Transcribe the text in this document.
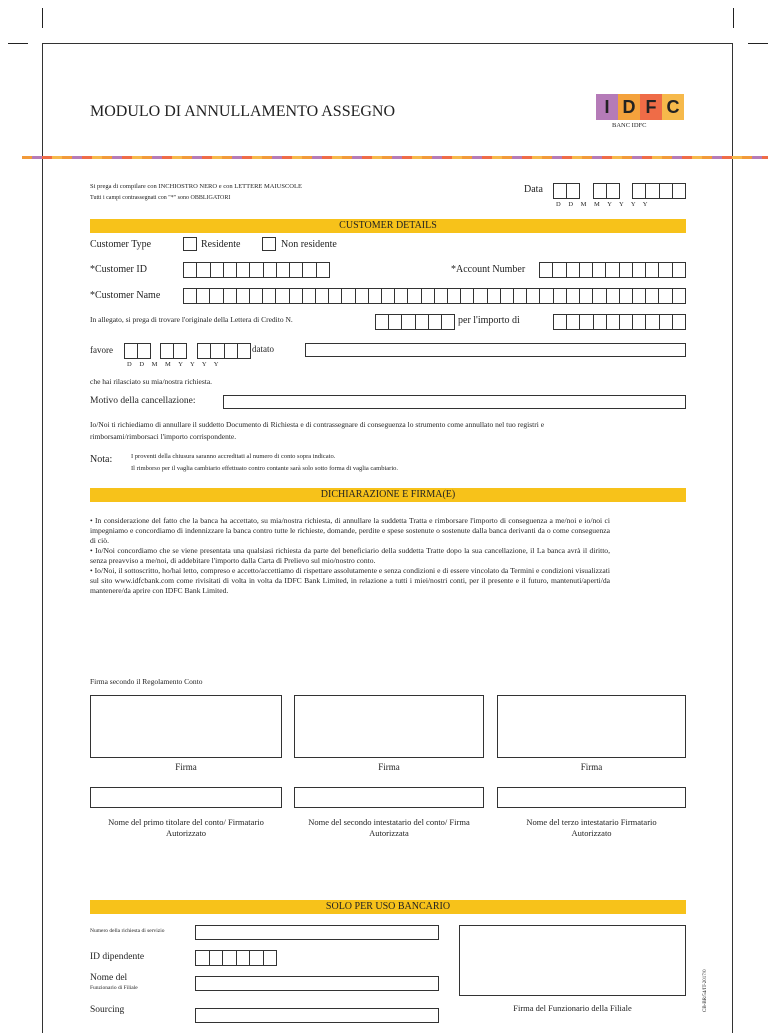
MODULO DI ANNULLAMENTO ASSEGNO	I D F C
BANC IDFC
Si prega di compilare con INCHIOSTRO NERO e con LETTERE MAIUSCOLE
Tutti i campi contrassegnati con "*" sono OBBLIGATORI
Data
D D M M Y Y Y Y
CUSTOMER DETAILS
Customer Type	Residente	Non residente
*Customer ID	*Account Number
*Customer Name
In allegato, si prega di trovare l'originale della Lettera di Credito N.	per l'importo di
favore	datato
D D M M Y Y Y Y
che hai rilasciato su mia/nostra richiesta.
Motivo della cancellazione:
Io/Noi ti richiediamo di annullare il suddetto Documento di Richiesta e di contrassegnare di conseguenza lo strumento come annullato nel tuo registri e rimborsami/rimborsaci l'importo corrispondente.
Nota:	I proventi della chiusura saranno accreditati al numero di conto sopra indicato.
Il rimborso per il vaglia cambiario effettuato contro contante sarà solo sotto forma di vaglia cambiario.
DICHIARAZIONE E FIRMA(E)

• In considerazione del fatto che la banca ha accettato, su mia/nostra richiesta, di annullare la suddetta Tratta e rimborsare l'importo di conseguenza a me/noi e io/noi ci impegniamo e concordiamo di indennizzare la banca contro tutte le richieste, domande, perdite e spese sostenute o sostenute dalla banca derivanti da o come conseguenza di ciò.

• Io/Noi concordiamo che se viene presentata una qualsiasi richiesta da parte del beneficiario della suddetta Tratte dopo la sua cancellazione, il La banca avrà il diritto, senza preavviso a me/noi, di addebitare l'importo dalla Carta di Prelievo sul mio/nostro conto.

• Io/Noi, il sottoscritto, ho/hai letto, compreso e accetto/accettiamo di rispettare assolutamente e senza condizioni e di essere vincolato da Termini e condizioni visualizzati sul sito www.idfcbank.com come rivisitati di volta in volta da IDFC Bank Limited, in relazione a tutti i miei/nostri conti, per il presente e il futuro, mantenuti/aperti/da mantenere/da aprire con IDFC Bank Limited.

Firma secondo il Regolamento Conto
Firma	Firma	Firma
Nome del primo titolare del conto/ Firmatario Autorizzato
Nome del secondo intestatario del conto/ Firma Autorizzata
Nome del terzo intestatario Firmatario Autorizzato
SOLO PER USO BANCARIO
Numero della richiesta di servizio
ID dipendente
Nome del
Funzionario di Filiale
Sourcing	Firma del Funzionario della Filiale	CB-BR/54/IT-2017/0
